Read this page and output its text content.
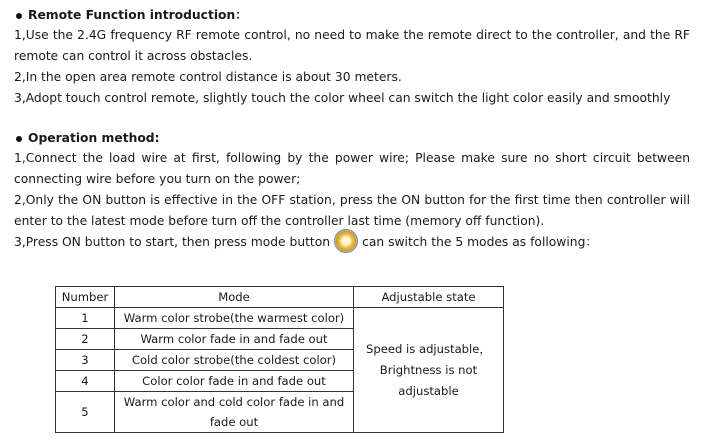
Remote Function introduction：
1,Use the 2.4G frequency RF remote control, no need to make the remote direct to the controller, and the RF
remote can control it across obstacles.
2,In the open area remote control distance is about 30 meters.
3,Adopt touch control remote, slightly touch the color wheel can switch the light color easily and smoothly
Operation method:
1,Connect the load wire at first, following by the power wire; Please make sure no short circuit between
connecting wire before you turn on the power;
2,Only the ON button is effective in the OFF station, press the ON button for the first time then controller will
enter to the latest mode before turn off the controller last time (memory off function).
3,Press ON button to start, then press mode button	can switch the 5 modes as following：
Number	Mode	Adjustable state
1	Warm color strobe(the warmest color)	Speed is adjustable，
Brightness is not
adjustable

2	Warm color fade in and fade out	
3	Cold color strobe(the coldest color)	
4	Color color fade in and fade out	
5	Warm color and cold color fade in and
fade out	
